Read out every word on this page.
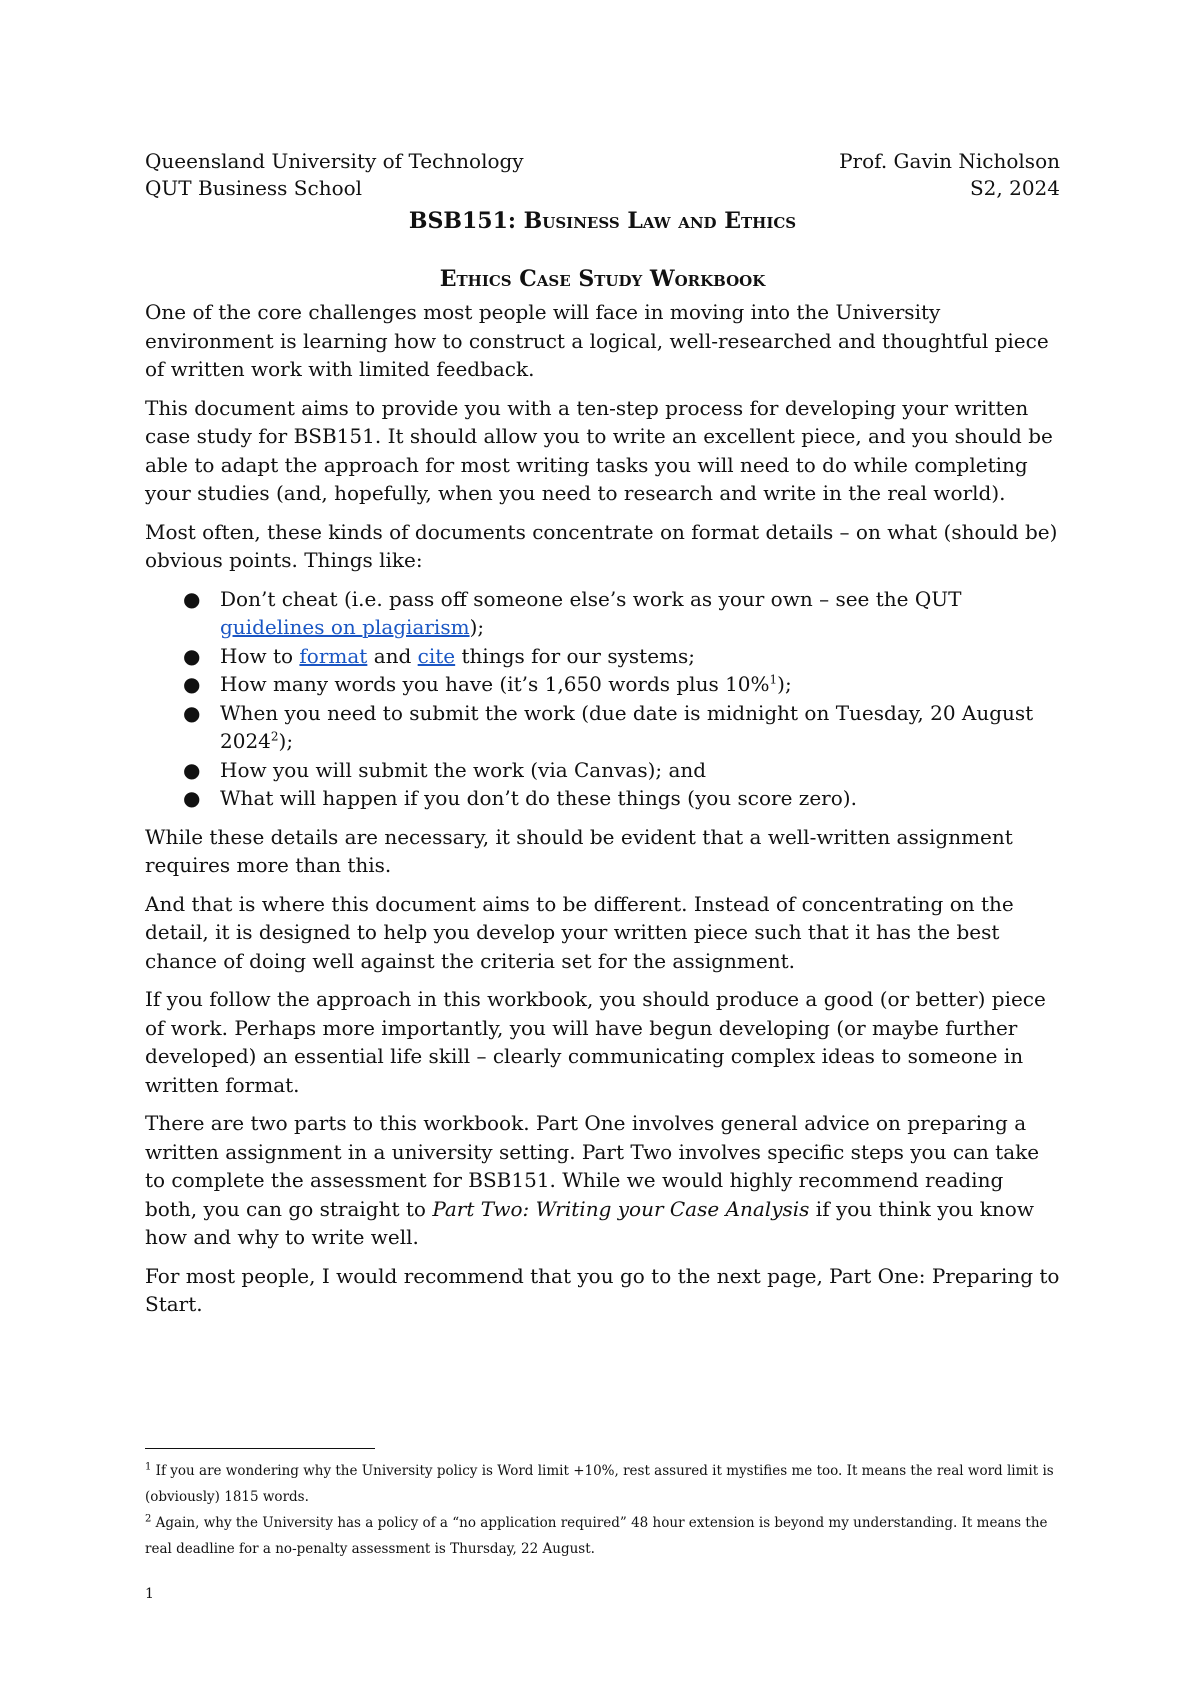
Queensland University of Technology	Prof. Gavin Nicholson
QUT Business School	S2, 2024
BSB151: Business Law and Ethics
Ethics Case Study Workbook

One of the core challenges most people will face in moving into the University environment is learning how to construct a logical, well-researched and thoughtful piece of written work with limited feedback.

This document aims to provide you with a ten-step process for developing your written case study for BSB151. It should allow you to write an excellent piece, and you should be able to adapt the approach for most writing tasks you will need to do while completing your studies (and, hopefully, when you need to research and write in the real world).

Most often, these kinds of documents concentrate on format details – on what (should be) obvious points. Things like:

● Don’t cheat (i.e. pass off someone else’s work as your own – see the QUT guidelines on plagiarism);
● How to format and cite things for our systems;
● How many words you have (it’s 1,650 words plus 10%$^1$);
● When you need to submit the work (due date is midnight on Tuesday, 20 August 2024$^2$);
● How you will submit the work (via Canvas); and
● What will happen if you don’t do these things (you score zero).

While these details are necessary, it should be evident that a well-written assignment requires more than this.

And that is where this document aims to be different. Instead of concentrating on the detail, it is designed to help you develop your written piece such that it has the best chance of doing well against the criteria set for the assignment.

If you follow the approach in this workbook, you should produce a good (or better) piece of work. Perhaps more importantly, you will have begun developing (or maybe further developed) an essential life skill – clearly communicating complex ideas to someone in written format.

There are two parts to this workbook. Part One involves general advice on preparing a written assignment in a university setting. Part Two involves specific steps you can take to complete the assessment for BSB151. While we would highly recommend reading both, you can go straight to Part Two: Writing your Case Analysis if you think you know how and why to write well.

For most people, I would recommend that you go to the next page, Part One: Preparing to Start.

$^1$ If you are wondering why the University policy is Word limit +10%, rest assured it mystifies me too. It means the real word limit is (obviously) 1815 words.

$^2$ Again, why the University has a policy of a “no application required” 48 hour extension is beyond my understanding. It means the real deadline for a no-penalty assessment is Thursday, 22 August.

1
